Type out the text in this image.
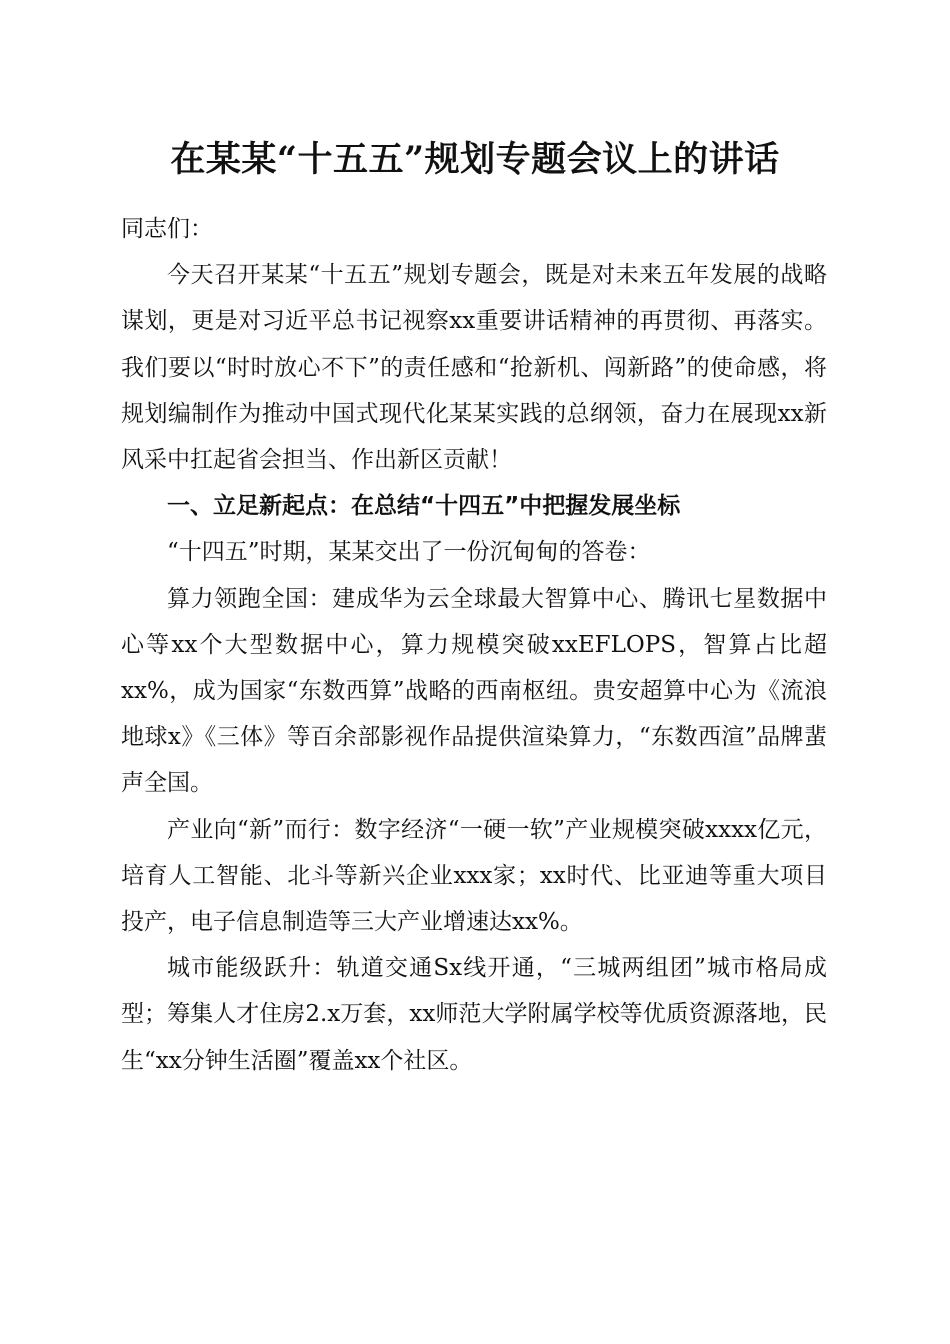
在某某“十五五”规划专题会议上的讲话

同志们：

今天召开某某“十五五”规划专题会，既是对未来五年发展的战略谋划，更是对习近平总书记视察xx重要讲话精神的再贯彻、再落实。我们要以“时时放心不下”的责任感和“抢新机、闯新路”的使命感，将规划编制作为推动中国式现代化某某实践的总纲领，奋力在展现xx新风采中扛起省会担当、作出新区贡献！

一、立足新起点：在总结“十四五”中把握发展坐标

“十四五”时期，某某交出了一份沉甸甸的答卷：

算力领跑全国：建成华为云全球最大智算中心、腾讯七星数据中心等xx个大型数据中心，算力规模突破xxEFLOPS，智算占比超xx%，成为国家“东数西算”战略的西南枢纽。贵安超算中心为《流浪地球x》《三体》等百余部影视作品提供渲染算力，“东数西渲”品牌蜚声全国。

产业向“新”而行：数字经济“一硬一软”产业规模突破xxxx亿元，培育人工智能、北斗等新兴企业xxx家；xx时代、比亚迪等重大项目投产，电子信息制造等三大产业增速达xx%。

城市能级跃升：轨道交通Sx线开通，“三城两组团”城市格局成型；筹集人才住房2.x万套，xx师范大学附属学校等优质资源落地，民生“xx分钟生活圈”覆盖xx个社区。
